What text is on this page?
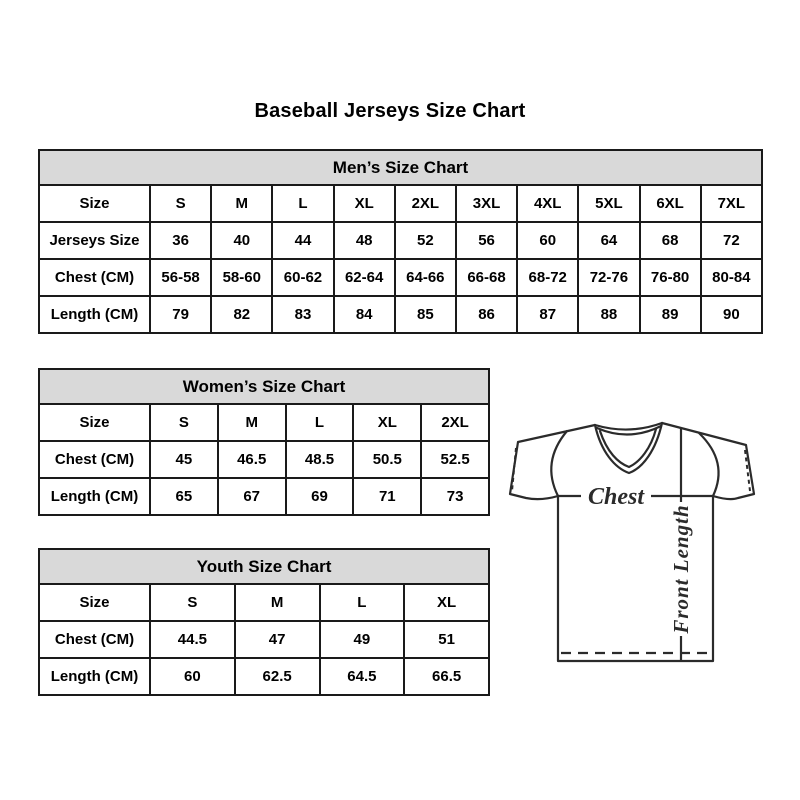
Baseball Jerseys Size Chart
Men’s Size Chart										
Size	S	M	L	XL	2XL	3XL	4XL	5XL	6XL	7XL
Jerseys Size	36	40	44	48	52	56	60	64	68	72
Chest (CM)	56-58	58-60	60-62	62-64	64-66	66-68	68-72	72-76	76-80	80-84
Length (CM)	79	82	83	84	85	86	87	88	89	90
Women’s Size Chart					
Size	S	M	L	XL	2XL
Chest (CM)	45	46.5	48.5	50.5	52.5
Length (CM)	65	67	69	71	73
Youth Size Chart				
Size	S	M	L	XL
Chest (CM)	44.5	47	49	51
Length (CM)	60	62.5	64.5	66.5
Chest
Front Length
